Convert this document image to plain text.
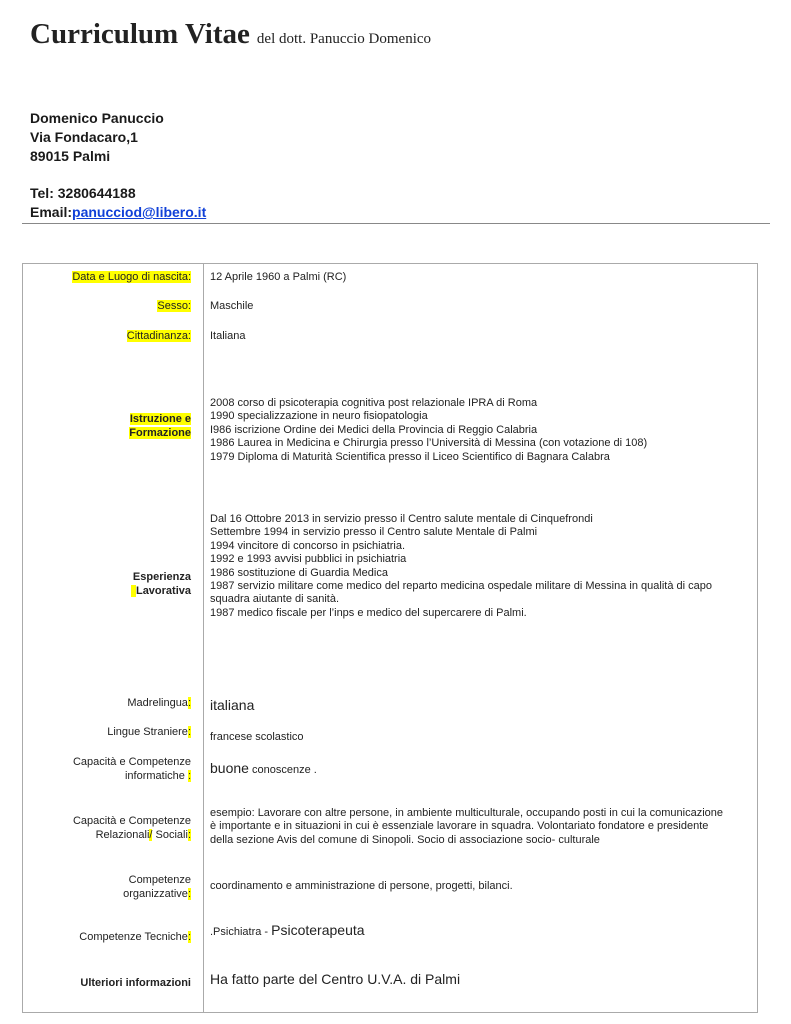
Curriculum Vitae del dott. Panuccio Domenico
Domenico Panuccio
Via Fondacaro,1
89015 Palmi
Tel: 3280644188
Email:panucciod@libero.it
Data e Luogo di nascita: 12 Aprile 1960 a Palmi (RC)
Sesso: Maschile
Cittadinanza: Italiana
Istruzione e
Formazione
2008 corso di psicoterapia cognitiva post relazionale IPRA di Roma
1990 specializzazione in neuro fisiopatologia
I986 iscrizione Ordine dei Medici della Provincia di Reggio Calabria
1986 Laurea in Medicina e Chirurgia presso l’Università di Messina (con votazione di 108)
1979 Diploma di Maturità Scientifica presso il Liceo Scientifico di Bagnara Calabra
Esperienza
Lavorativa
Dal 16 Ottobre 2013 in servizio presso il Centro salute mentale di Cinquefrondi
Settembre 1994 in servizio presso il Centro salute Mentale di Palmi
1994 vincitore di concorso in psichiatria.
1992 e 1993 avvisi pubblici in psichiatria
1986 sostituzione di Guardia Medica
1987 servizio militare come medico del reparto medicina ospedale militare di Messina in qualità di capo
squadra aiutante di sanità.
1987 medico fiscale per l’inps e medico del supercarere di Palmi.
Madrelingua: italiana
Lingue Straniere: francese scolastico
Capacità e Competenze
informatiche : buone conoscenze .
Capacità e Competenze
Relazionali/ Sociali:
esempio: Lavorare con altre persone, in ambiente multiculturale, occupando posti in cui la comunicazione
è importante e in situazioni in cui è essenziale lavorare in squadra. Volontariato fondatore e presidente
della sezione Avis del comune di Sinopoli. Socio di associazione socio- culturale
Competenze
organizzative:
coordinamento e amministrazione di persone, progetti, bilanci.
Competenze Tecniche: .Psichiatra - Psicoterapeuta
Ulteriori informazioni Ha fatto parte del Centro U.V.A. di Palmi
